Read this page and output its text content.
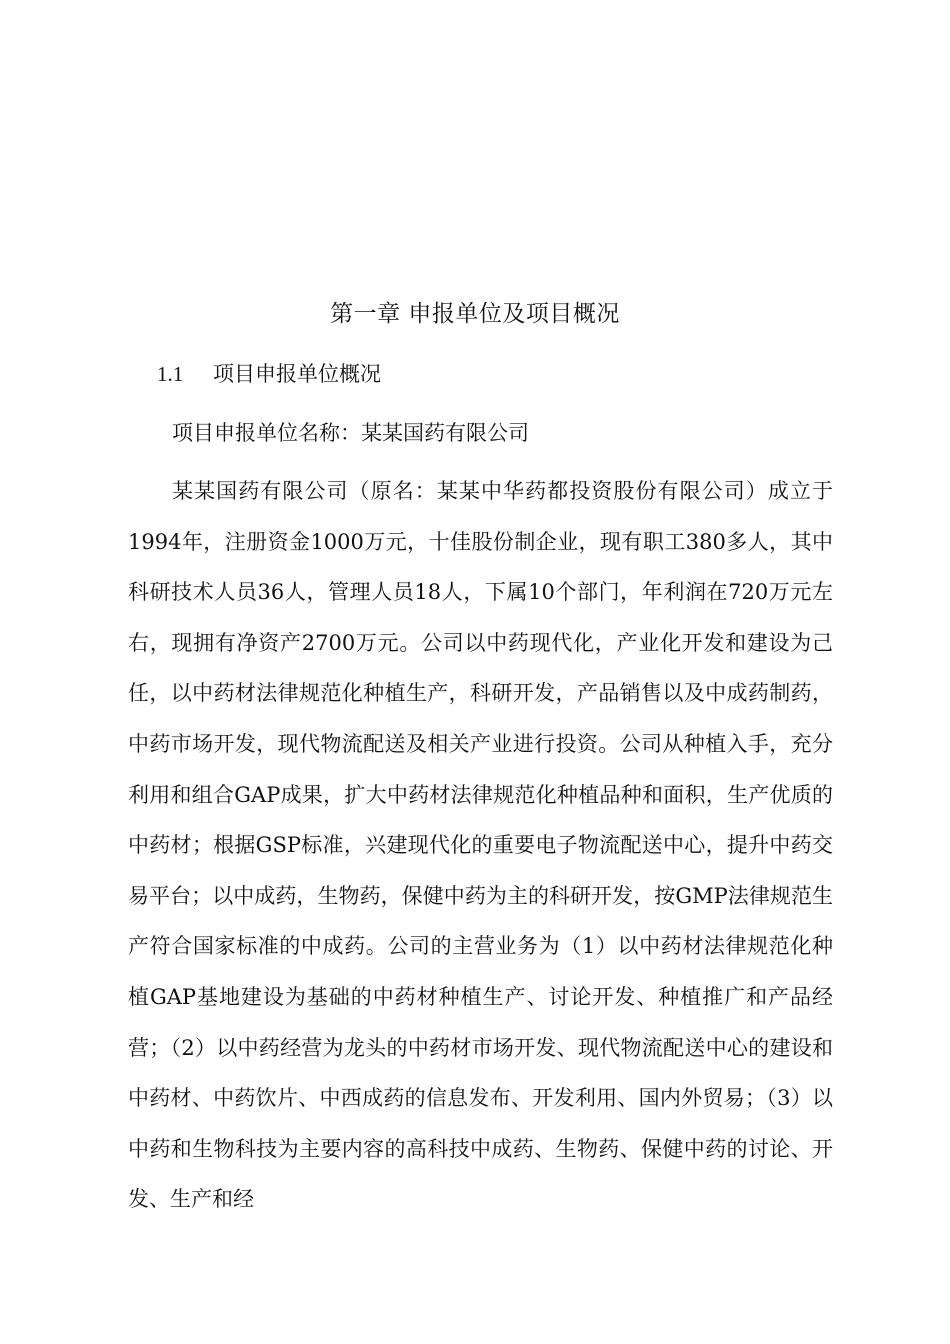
第一章 申报单位及项目概况
1.1 项目申报单位概况

项目申报单位名称：某某国药有限公司

某某国药有限公司（原名：某某中华药都投资股份有限公司）成立于1994年，注册资金1000万元，十佳股份制企业，现有职工380多人，其中科研技术人员36人，管理人员18人，下属10个部门，年利润在720万元左右，现拥有净资产2700万元。公司以中药现代化，产业化开发和建设为己任，以中药材法律规范化种植生产，科研开发，产品销售以及中成药制药，中药市场开发，现代物流配送及相关产业进行投资。公司从种植入手，充分利用和组合GAP成果，扩大中药材法律规范化种植品种和面积，生产优质的中药材；根据GSP标准，兴建现代化的重要电子物流配送中心，提升中药交易平台；以中成药，生物药，保健中药为主的科研开发，按GMP法律规范生产符合国家标准的中成药。公司的主营业务为（1）以中药材法律规范化种植GAP基地建设为基础的中药材种植生产、讨论开发、种植推广和产品经营；（2）以中药经营为龙头的中药材市场开发、现代物流配送中心的建设和中药材、中药饮片、中西成药的信息发布、开发利用、国内外贸易；（3）以中药和生物科技为主要内容的高科技中成药、生物药、保健中药的讨论、开发、生产和经
